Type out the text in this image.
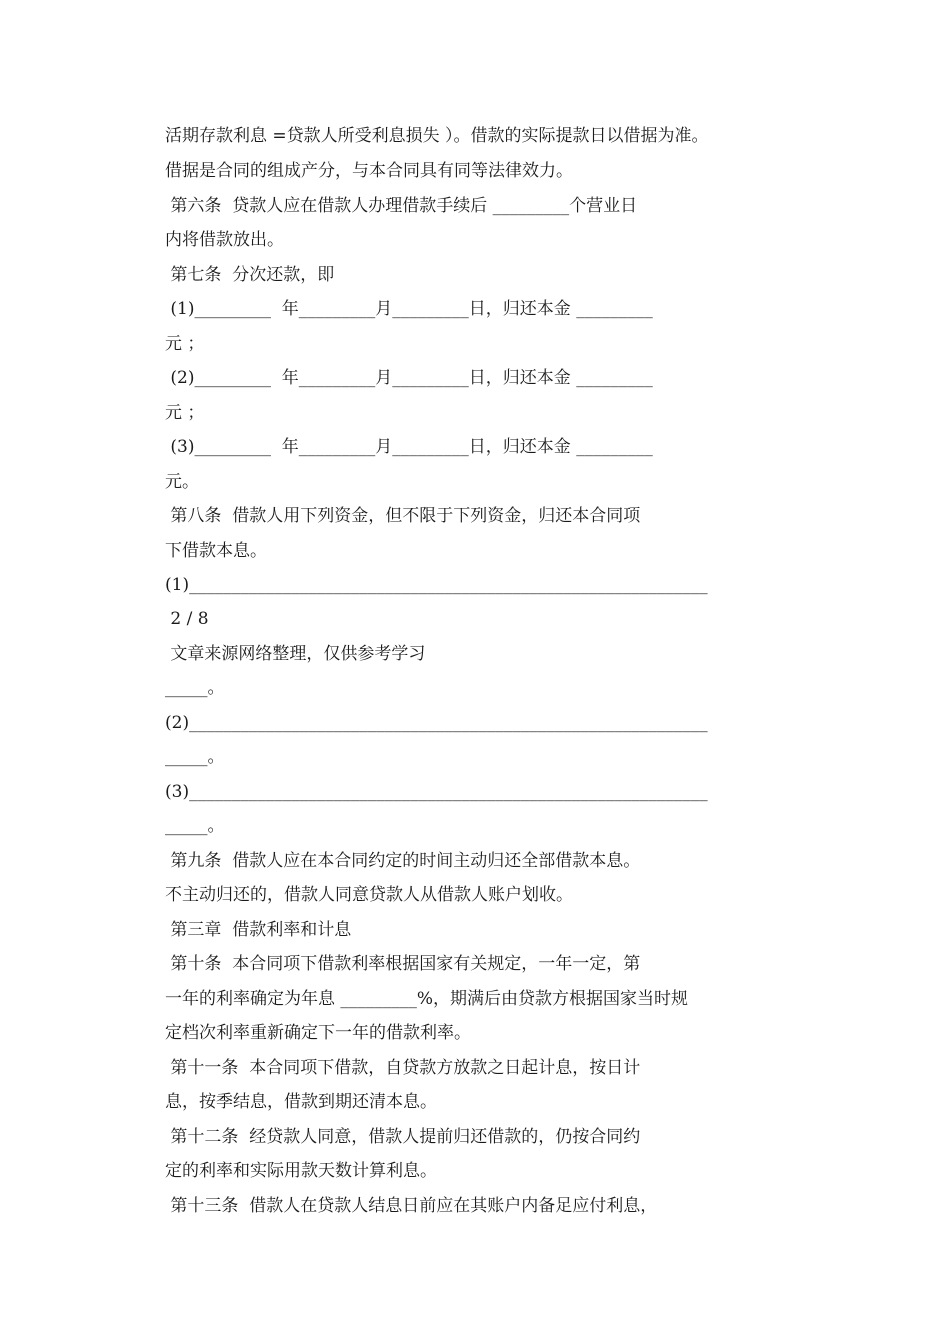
活期存款利息 =贷款人所受利息损失 ）。借款的实际提款日以借据为准。
借据是合同的组成产分，与本合同具有同等法律效力。
第六条  贷款人应在借款人办理借款手续后 _________个营业日
内将借款放出。
第七条  分次还款，即
(1)_________  年_________月_________日，归还本金 _________
元 ；
(2)_________  年_________月_________日，归还本金 _________
元 ；
(3)_________  年_________月_________日，归还本金 _________
元。
第八条  借款人用下列资金，但不限于下列资金，归还本合同项
下借款本息。
(1)_____________________________________________________________
2 / 8
文章来源网络整理，仅供参考学习
_____。
(2)_____________________________________________________________
_____。
(3)_____________________________________________________________
_____。
第九条  借款人应在本合同约定的时间主动归还全部借款本息。
不主动归还的，借款人同意贷款人从借款人账户划收。
第三章  借款利率和计息
第十条  本合同项下借款利率根据国家有关规定，一年一定，第
一年的利率确定为年息 _________%，期满后由贷款方根据国家当时规
定档次利率重新确定下一年的借款利率。
第十一条  本合同项下借款，自贷款方放款之日起计息，按日计
息，按季结息，借款到期还清本息。
第十二条  经贷款人同意，借款人提前归还借款的，仍按合同约
定的利率和实际用款天数计算利息。
第十三条  借款人在贷款人结息日前应在其账户内备足应付利息，
